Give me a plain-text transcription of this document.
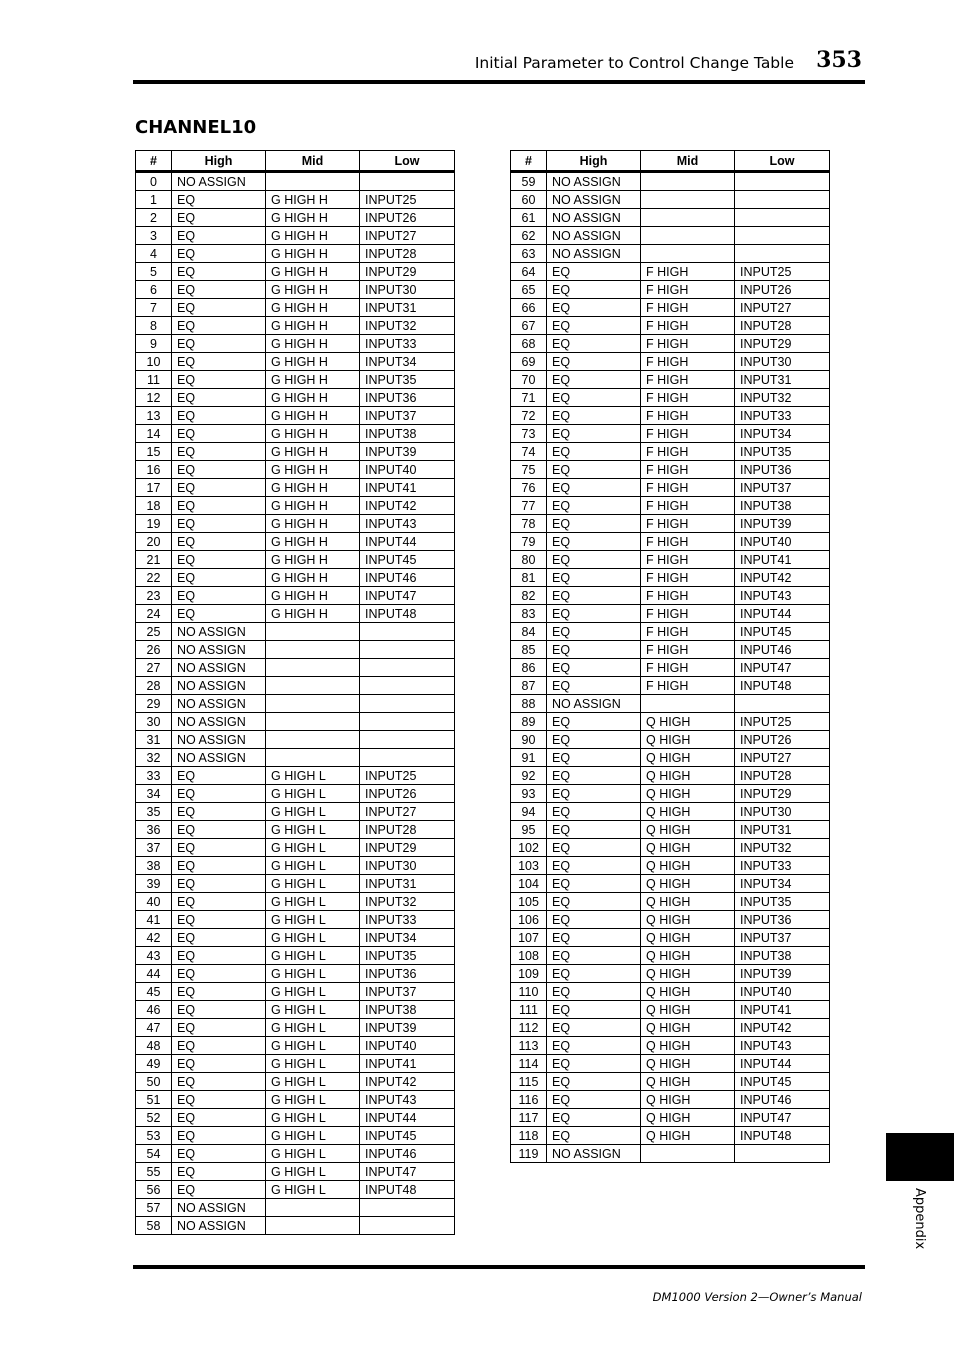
Initial Parameter to Control Change Table 353
CHANNEL10
#	High	Mid	Low
0	NO ASSIGN		
1	EQ	G HIGH H	INPUT25
2	EQ	G HIGH H	INPUT26
3	EQ	G HIGH H	INPUT27
4	EQ	G HIGH H	INPUT28
5	EQ	G HIGH H	INPUT29
6	EQ	G HIGH H	INPUT30
7	EQ	G HIGH H	INPUT31
8	EQ	G HIGH H	INPUT32
9	EQ	G HIGH H	INPUT33
10	EQ	G HIGH H	INPUT34
11	EQ	G HIGH H	INPUT35
12	EQ	G HIGH H	INPUT36
13	EQ	G HIGH H	INPUT37
14	EQ	G HIGH H	INPUT38
15	EQ	G HIGH H	INPUT39
16	EQ	G HIGH H	INPUT40
17	EQ	G HIGH H	INPUT41
18	EQ	G HIGH H	INPUT42
19	EQ	G HIGH H	INPUT43
20	EQ	G HIGH H	INPUT44
21	EQ	G HIGH H	INPUT45
22	EQ	G HIGH H	INPUT46
23	EQ	G HIGH H	INPUT47
24	EQ	G HIGH H	INPUT48
25	NO ASSIGN		
26	NO ASSIGN		
27	NO ASSIGN		
28	NO ASSIGN		
29	NO ASSIGN		
30	NO ASSIGN		
31	NO ASSIGN		
32	NO ASSIGN		
33	EQ	G HIGH L	INPUT25
34	EQ	G HIGH L	INPUT26
35	EQ	G HIGH L	INPUT27
36	EQ	G HIGH L	INPUT28
37	EQ	G HIGH L	INPUT29
38	EQ	G HIGH L	INPUT30
39	EQ	G HIGH L	INPUT31
40	EQ	G HIGH L	INPUT32
41	EQ	G HIGH L	INPUT33
42	EQ	G HIGH L	INPUT34
43	EQ	G HIGH L	INPUT35
44	EQ	G HIGH L	INPUT36
45	EQ	G HIGH L	INPUT37
46	EQ	G HIGH L	INPUT38
47	EQ	G HIGH L	INPUT39
48	EQ	G HIGH L	INPUT40
49	EQ	G HIGH L	INPUT41
50	EQ	G HIGH L	INPUT42
51	EQ	G HIGH L	INPUT43
52	EQ	G HIGH L	INPUT44
53	EQ	G HIGH L	INPUT45
54	EQ	G HIGH L	INPUT46
55	EQ	G HIGH L	INPUT47
56	EQ	G HIGH L	INPUT48
57	NO ASSIGN		
58	NO ASSIGN		
#	High	Mid	Low
59	NO ASSIGN		
60	NO ASSIGN		
61	NO ASSIGN		
62	NO ASSIGN		
63	NO ASSIGN		
64	EQ	F HIGH	INPUT25
65	EQ	F HIGH	INPUT26
66	EQ	F HIGH	INPUT27
67	EQ	F HIGH	INPUT28
68	EQ	F HIGH	INPUT29
69	EQ	F HIGH	INPUT30
70	EQ	F HIGH	INPUT31
71	EQ	F HIGH	INPUT32
72	EQ	F HIGH	INPUT33
73	EQ	F HIGH	INPUT34
74	EQ	F HIGH	INPUT35
75	EQ	F HIGH	INPUT36
76	EQ	F HIGH	INPUT37
77	EQ	F HIGH	INPUT38
78	EQ	F HIGH	INPUT39
79	EQ	F HIGH	INPUT40
80	EQ	F HIGH	INPUT41
81	EQ	F HIGH	INPUT42
82	EQ	F HIGH	INPUT43
83	EQ	F HIGH	INPUT44
84	EQ	F HIGH	INPUT45
85	EQ	F HIGH	INPUT46
86	EQ	F HIGH	INPUT47
87	EQ	F HIGH	INPUT48
88	NO ASSIGN		
89	EQ	Q HIGH	INPUT25
90	EQ	Q HIGH	INPUT26
91	EQ	Q HIGH	INPUT27
92	EQ	Q HIGH	INPUT28
93	EQ	Q HIGH	INPUT29
94	EQ	Q HIGH	INPUT30
95	EQ	Q HIGH	INPUT31
102	EQ	Q HIGH	INPUT32
103	EQ	Q HIGH	INPUT33
104	EQ	Q HIGH	INPUT34
105	EQ	Q HIGH	INPUT35
106	EQ	Q HIGH	INPUT36
107	EQ	Q HIGH	INPUT37
108	EQ	Q HIGH	INPUT38
109	EQ	Q HIGH	INPUT39
110	EQ	Q HIGH	INPUT40
111	EQ	Q HIGH	INPUT41
112	EQ	Q HIGH	INPUT42
113	EQ	Q HIGH	INPUT43
114	EQ	Q HIGH	INPUT44
115	EQ	Q HIGH	INPUT45
116	EQ	Q HIGH	INPUT46
117	EQ	Q HIGH	INPUT47
118	EQ	Q HIGH	INPUT48
119	NO ASSIGN		
Appendix
DM1000 Version 2—Owner’s Manual
